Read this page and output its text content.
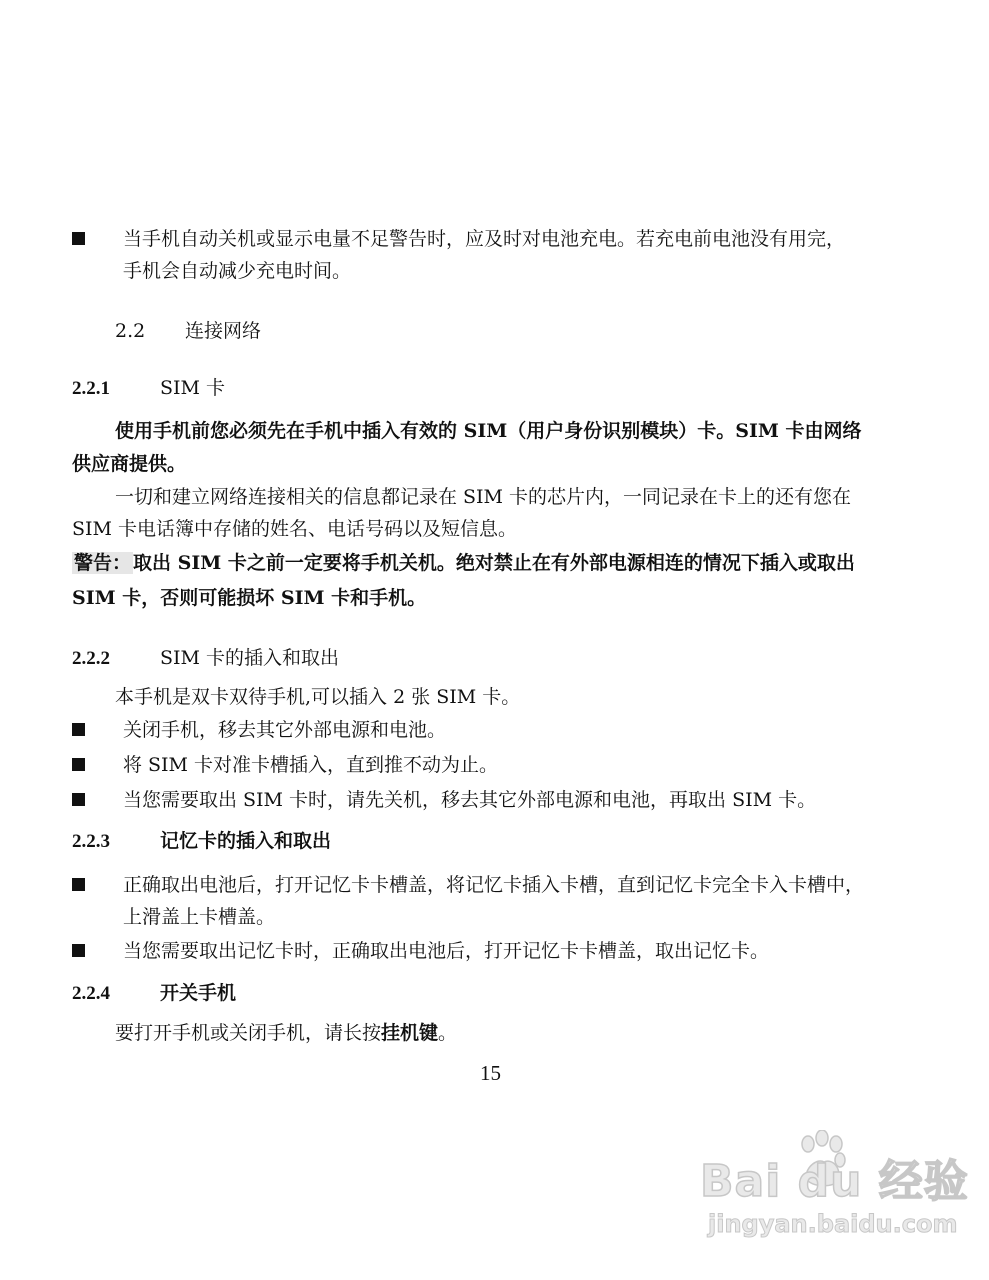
当手机自动关机或显示电量不足警告时，应及时对电池充电。若充电前电池没有用完，
手机会自动减少充电时间。
2.2 连接网络
2.2.1	SIM 卡
使用手机前您必须先在手机中插入有效的 SIM（用户身份识别模块）卡。SIM 卡由网络
供应商提供。
一切和建立网络连接相关的信息都记录在 SIM 卡的芯片内，一同记录在卡上的还有您在
SIM 卡电话簿中存储的姓名、电话号码以及短信息。
警告： 取出 SIM 卡之前一定要将手机关机。绝对禁止在有外部电源相连的情况下插入或取出
SIM 卡，否则可能损坏 SIM 卡和手机。
2.2.2	SIM 卡的插入和取出
本手机是双卡双待手机,可以插入 2 张 SIM 卡。
关闭手机，移去其它外部电源和电池。
将 SIM 卡对准卡槽插入，直到推不动为止。
当您需要取出 SIM 卡时，请先关机，移去其它外部电源和电池，再取出 SIM 卡。
2.2.3	记忆卡的插入和取出
正确取出电池后，打开记忆卡卡槽盖，将记忆卡插入卡槽，直到记忆卡完全卡入卡槽中，
上滑盖上卡槽盖。
当您需要取出记忆卡时，正确取出电池后，打开记忆卡卡槽盖，取出记忆卡。
2.2.4	开关手机
要打开手机或关闭手机，请长按挂机键。
15
Bai du 经验
jingyan.baidu.com
